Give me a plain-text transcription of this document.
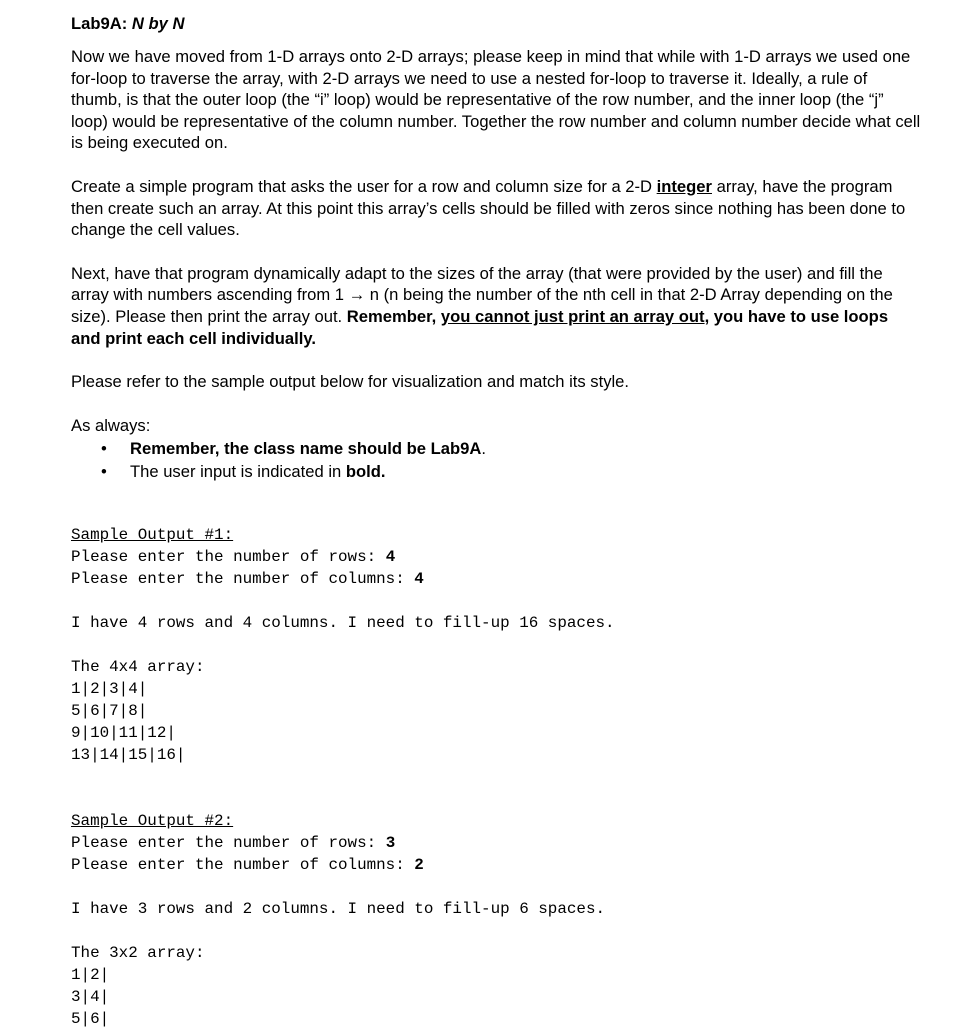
Lab9A: N by N

Now we have moved from 1-D arrays onto 2-D arrays; please keep in mind that while with 1-D arrays we used one for-loop to traverse the array, with 2-D arrays we need to use a nested for-loop to traverse it. Ideally, a rule of thumb, is that the outer loop (the “i” loop) would be representative of the row number, and the inner loop (the “j” loop) would be representative of the column number. Together the row number and column number decide what cell is being executed on.

Create a simple program that asks the user for a row and column size for a 2-D integer array, have the program then create such an array. At this point this array’s cells should be filled with zeros since nothing has been done to change the cell values.

Next, have that program dynamically adapt to the sizes of the array (that were provided by the user) and fill the array with numbers ascending from 1 → n (n being the number of the nth cell in that 2-D Array depending on the size). Please then print the array out. Remember, you cannot just print an array out, you have to use loops and print each cell individually.

Please refer to the sample output below for visualization and match its style.

As always:

• Remember, the class name should be Lab9A.
• The user input is indicated in bold.
Sample Output #1:
Please enter the number of rows: 4
Please enter the number of columns: 4
I have 4 rows and 4 columns. I need to fill-up 16 spaces.
The 4x4 array:
1|2|3|4|
5|6|7|8|
9|10|11|12|
13|14|15|16|
Sample Output #2:
Please enter the number of rows: 3
Please enter the number of columns: 2
I have 3 rows and 2 columns. I need to fill-up 6 spaces.
The 3x2 array:
1|2|
3|4|
5|6|
